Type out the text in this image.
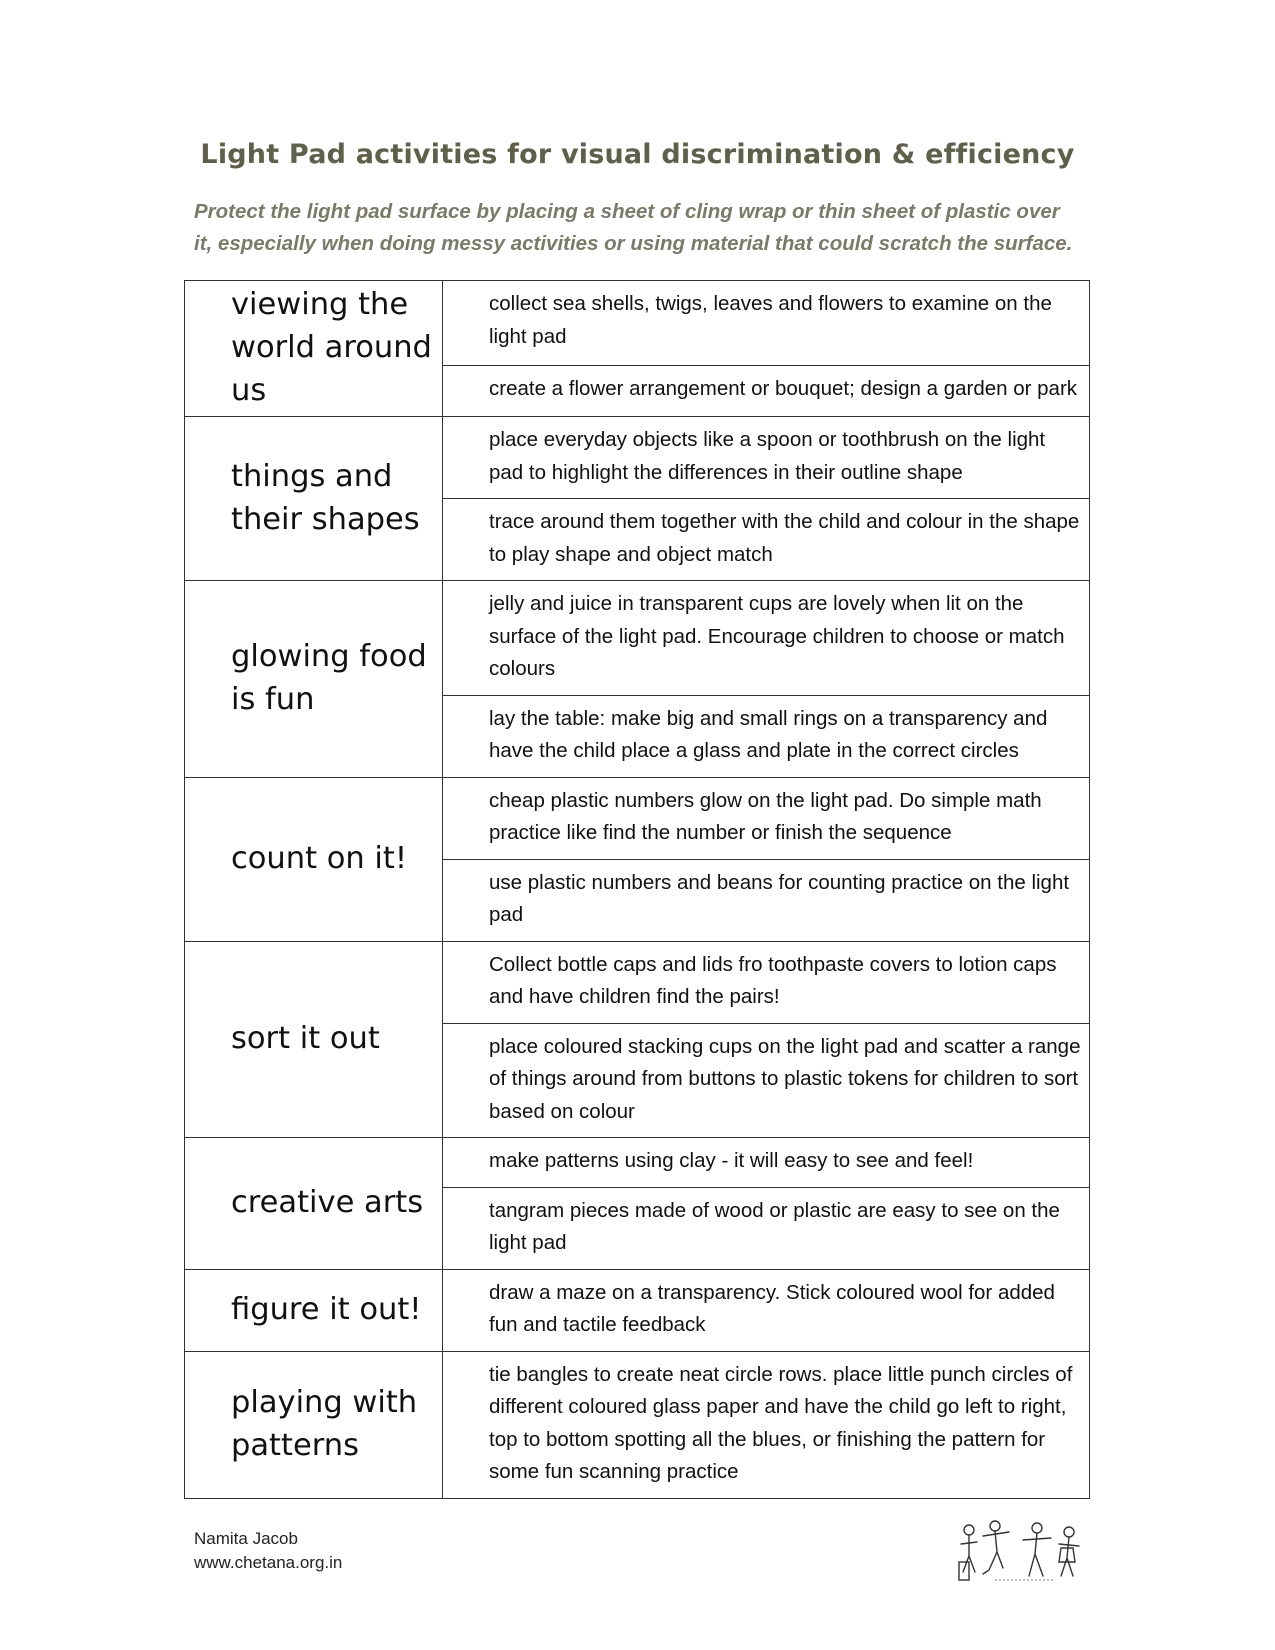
Light Pad activities for visual discrimination & efficiency
Protect the light pad surface by placing a sheet of cling wrap or thin sheet of plastic over it, especially when doing messy activities or using material that could scratch the surface.
viewing the world around us	collect sea shells, twigs, leaves and flowers to examine on the light pad
	create a flower arrangement or bouquet; design a garden or park

things and their shapes	place everyday objects like a spoon or toothbrush on the light pad to highlight the differences in their outline shape
	trace around them together with the child and colour in the shape to play shape and object match

glowing food is fun	jelly and juice in transparent cups are lovely when lit on the surface of the light pad. Encourage children to choose or match colours
	lay the table: make big and small rings on a transparency and have the child place a glass and plate in the correct circles

count on it!	cheap plastic numbers glow on the light pad. Do simple math practice like find the number or finish the sequence
	use plastic numbers and beans for counting practice on the light pad

sort it out	Collect bottle caps and lids fro toothpaste covers to lotion caps and have children find the pairs!
	place coloured stacking cups on the light pad and scatter a range of things around from buttons to plastic tokens for children to sort based on colour

creative arts	make patterns using clay - it will easy to see and feel!
	tangram pieces made of wood or plastic are easy to see on the light pad

figure it out!	draw a maze on a transparency. Stick coloured wool for added fun and tactile feedback

playing with patterns	tie bangles to create neat circle rows. place little punch circles of different coloured glass paper and have the child go left to right, top to bottom spotting all the blues, or finishing the pattern for some fun scanning practice
Namita Jacob
www.chetana.org.in
